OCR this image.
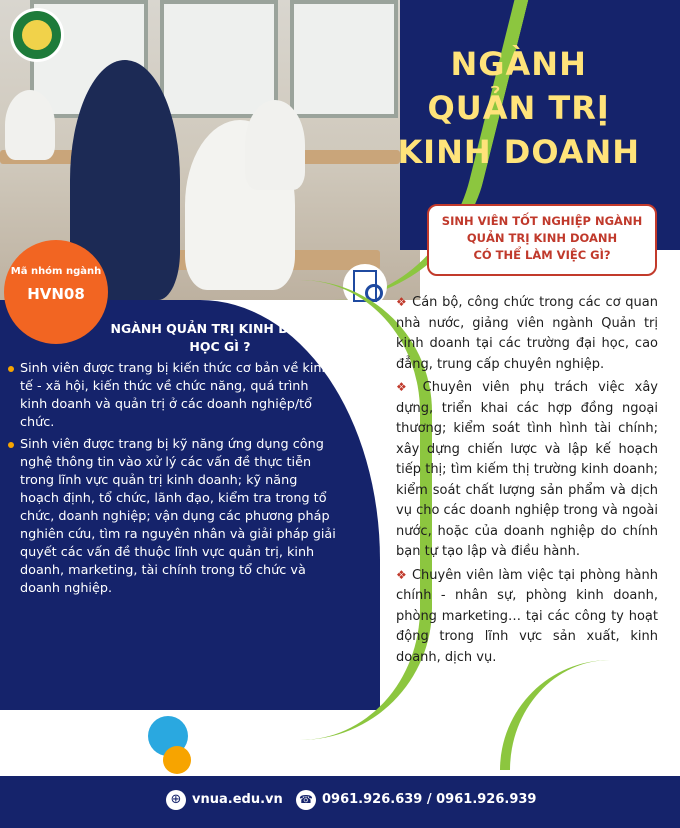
NGÀNH
QUẢN TRỊ
KINH DOANH
SINH VIÊN TỐT NGHIỆP NGÀNH
QUẢN TRỊ KINH DOANH
CÓ THỂ LÀM VIỆC GÌ?
Mã nhóm ngành
HVN08
NGÀNH QUẢN TRỊ KINH DOANH
HỌC GÌ ?
Sinh viên được trang bị kiến thức cơ bản về kinh tế - xã hội, kiến thức về chức năng, quá trình kinh doanh và quản trị ở các doanh nghiệp/tổ chức.
Sinh viên được trang bị kỹ năng ứng dụng công nghệ thông tin vào xử lý các vấn đề thực tiễn trong lĩnh vực quản trị kinh doanh; kỹ năng hoạch định, tổ chức, lãnh đạo, kiểm tra trong tổ chức, doanh nghiệp; vận dụng các phương pháp nghiên cứu, tìm ra nguyên nhân và giải pháp giải quyết các vấn đề thuộc lĩnh vực quản trị, kinh doanh, marketing, tài chính trong tổ chức và doanh nghiệp.
❖ Cán bộ, công chức trong các cơ quan nhà nước, giảng viên ngành Quản trị kinh doanh tại các trường đại học, cao đẳng, trung cấp chuyên nghiệp.
❖ Chuyên viên phụ trách việc xây dựng, triển khai các hợp đồng ngoại thương; kiểm soát tình hình tài chính; xây dựng chiến lược và lập kế hoạch tiếp thị; tìm kiếm thị trường kinh doanh; kiểm soát chất lượng sản phẩm và dịch vụ cho các doanh nghiệp trong và ngoài nước, hoặc của doanh nghiệp do chính bạn tự tạo lập và điều hành.
❖ Chuyên viên làm việc tại phòng hành chính - nhân sự, phòng kinh doanh, phòng marketing… tại các công ty hoạt động trong lĩnh vực sản xuất, kinh doanh, dịch vụ.
⊕ vnua.edu.vn ☎ 0961.926.639 / 0961.926.939
